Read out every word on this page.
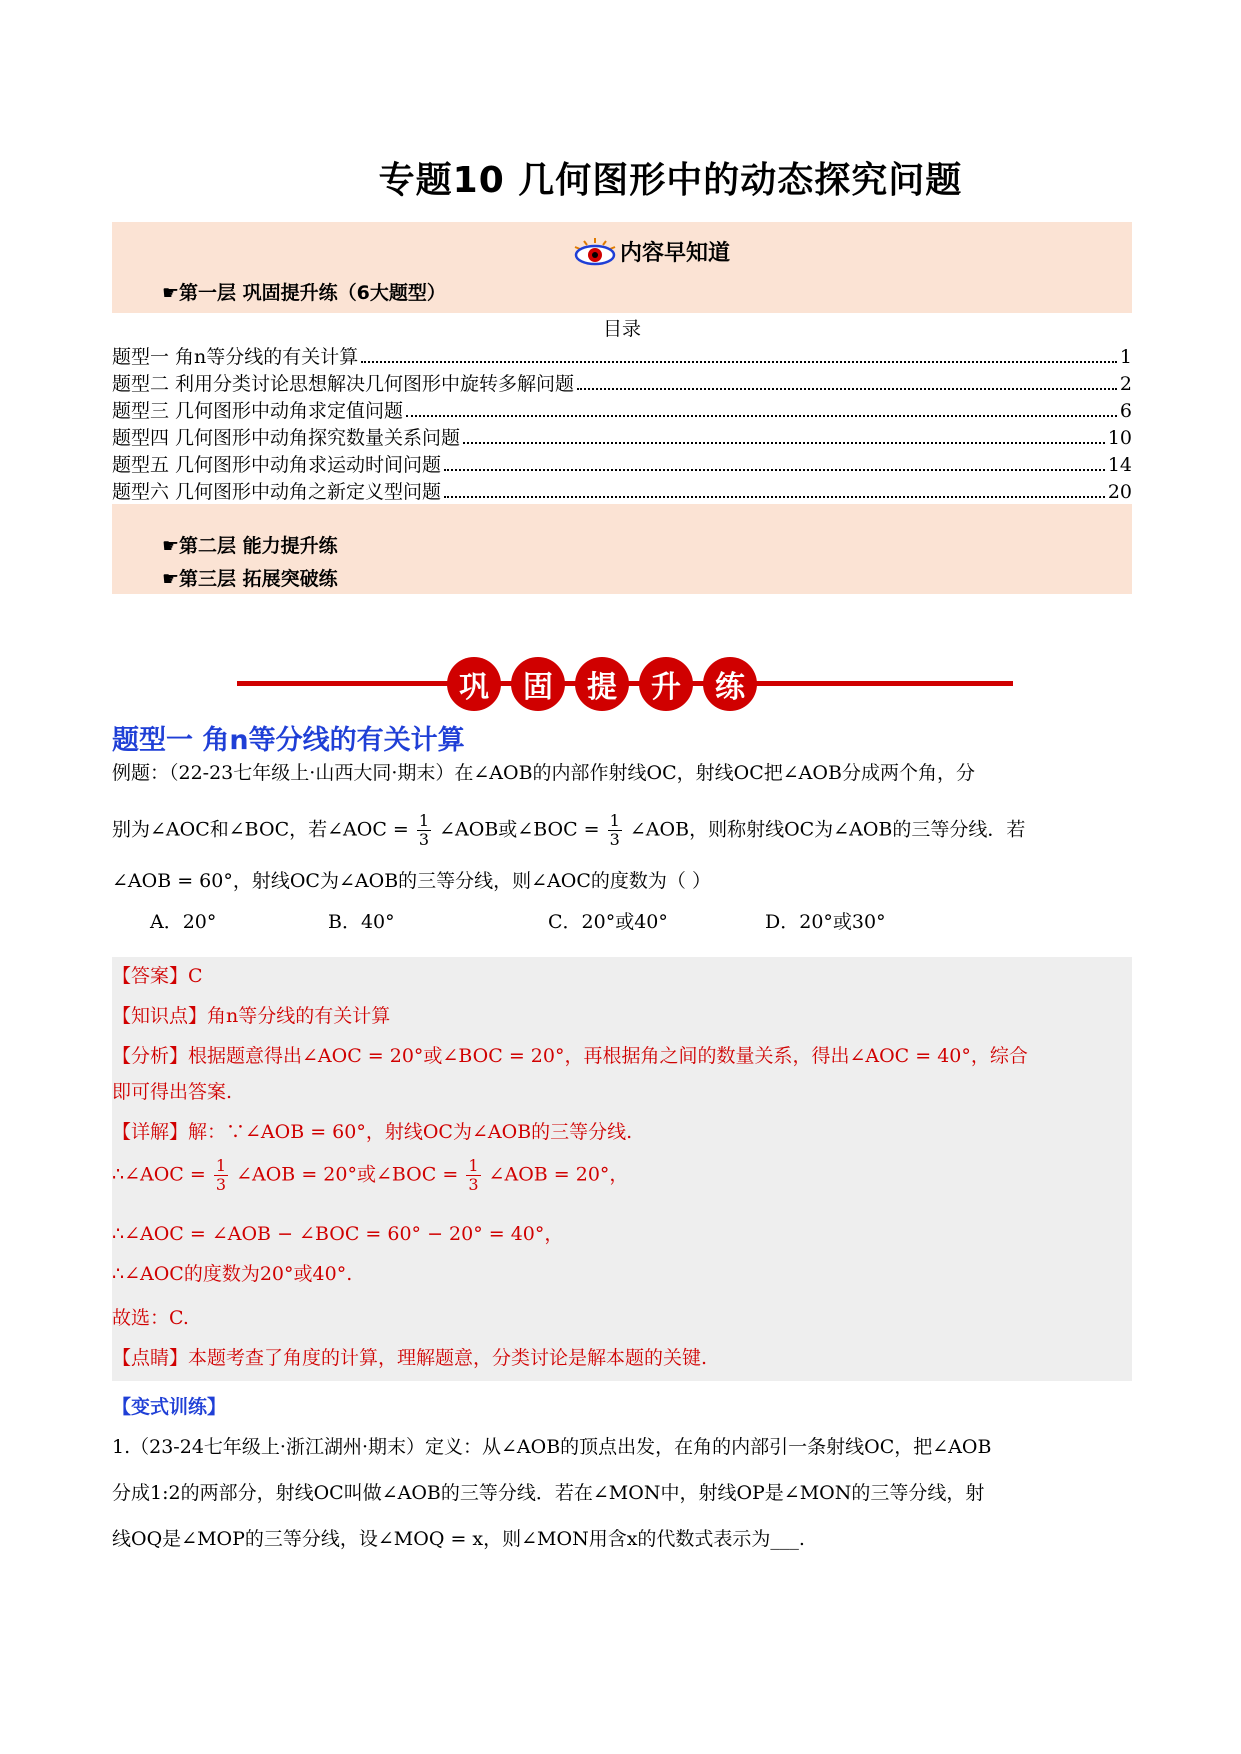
专题10 几何图形中的动态探究问题
内容早知道
☛第一层 巩固提升练（6大题型）
目录
题型一 角n等分线的有关计算	1
题型二 利用分类讨论思想解决几何图形中旋转多解问题	2
题型三 几何图形中动角求定值问题	6
题型四 几何图形中动角探究数量关系问题	10
题型五 几何图形中动角求运动时间问题	14
题型六 几何图形中动角之新定义型问题	20
☛第二层 能力提升练
☛第三层 拓展突破练
巩	固	提	升	练
题型一 角n等分线的有关计算
例题：（22-23七年级上·山西大同·期末）在∠AOB的内部作射线OC，射线OC把∠AOB分成两个角，分
别为∠AOC和∠BOC，若∠AOC = $\frac{1}{3}$ ∠AOB或∠BOC = $\frac{1}{3}$ ∠AOB，则称射线OC为∠AOB的三等分线．若
∠AOB = 60°，射线OC为∠AOB的三等分线，则∠AOC的度数为（ ）
A．20°	B．40°	C．20°或40°	D．20°或30°
【答案】C
【知识点】角n等分线的有关计算
【分析】根据题意得出∠AOC = 20°或∠BOC = 20°，再根据角之间的数量关系，得出∠AOC = 40°，综合
即可得出答案.
【详解】解：∵∠AOB = 60°，射线OC为∠AOB的三等分线.
∴∠AOC = $\frac{1}{3}$ ∠AOB = 20°或∠BOC = $\frac{1}{3}$ ∠AOB = 20°，
∴∠AOC = ∠AOB − ∠BOC = 60° − 20° = 40°，
∴∠AOC的度数为20°或40°.
故选：C.
【点睛】本题考查了角度的计算，理解题意，分类讨论是解本题的关键.
【变式训练】
1.（23-24七年级上·浙江湖州·期末）定义：从∠AOB的顶点出发，在角的内部引一条射线OC，把∠AOB
分成1:2的两部分，射线OC叫做∠AOB的三等分线．若在∠MON中，射线OP是∠MON的三等分线，射
线OQ是∠MOP的三等分线，设∠MOQ = x，则∠MON用含x的代数式表示为___.
